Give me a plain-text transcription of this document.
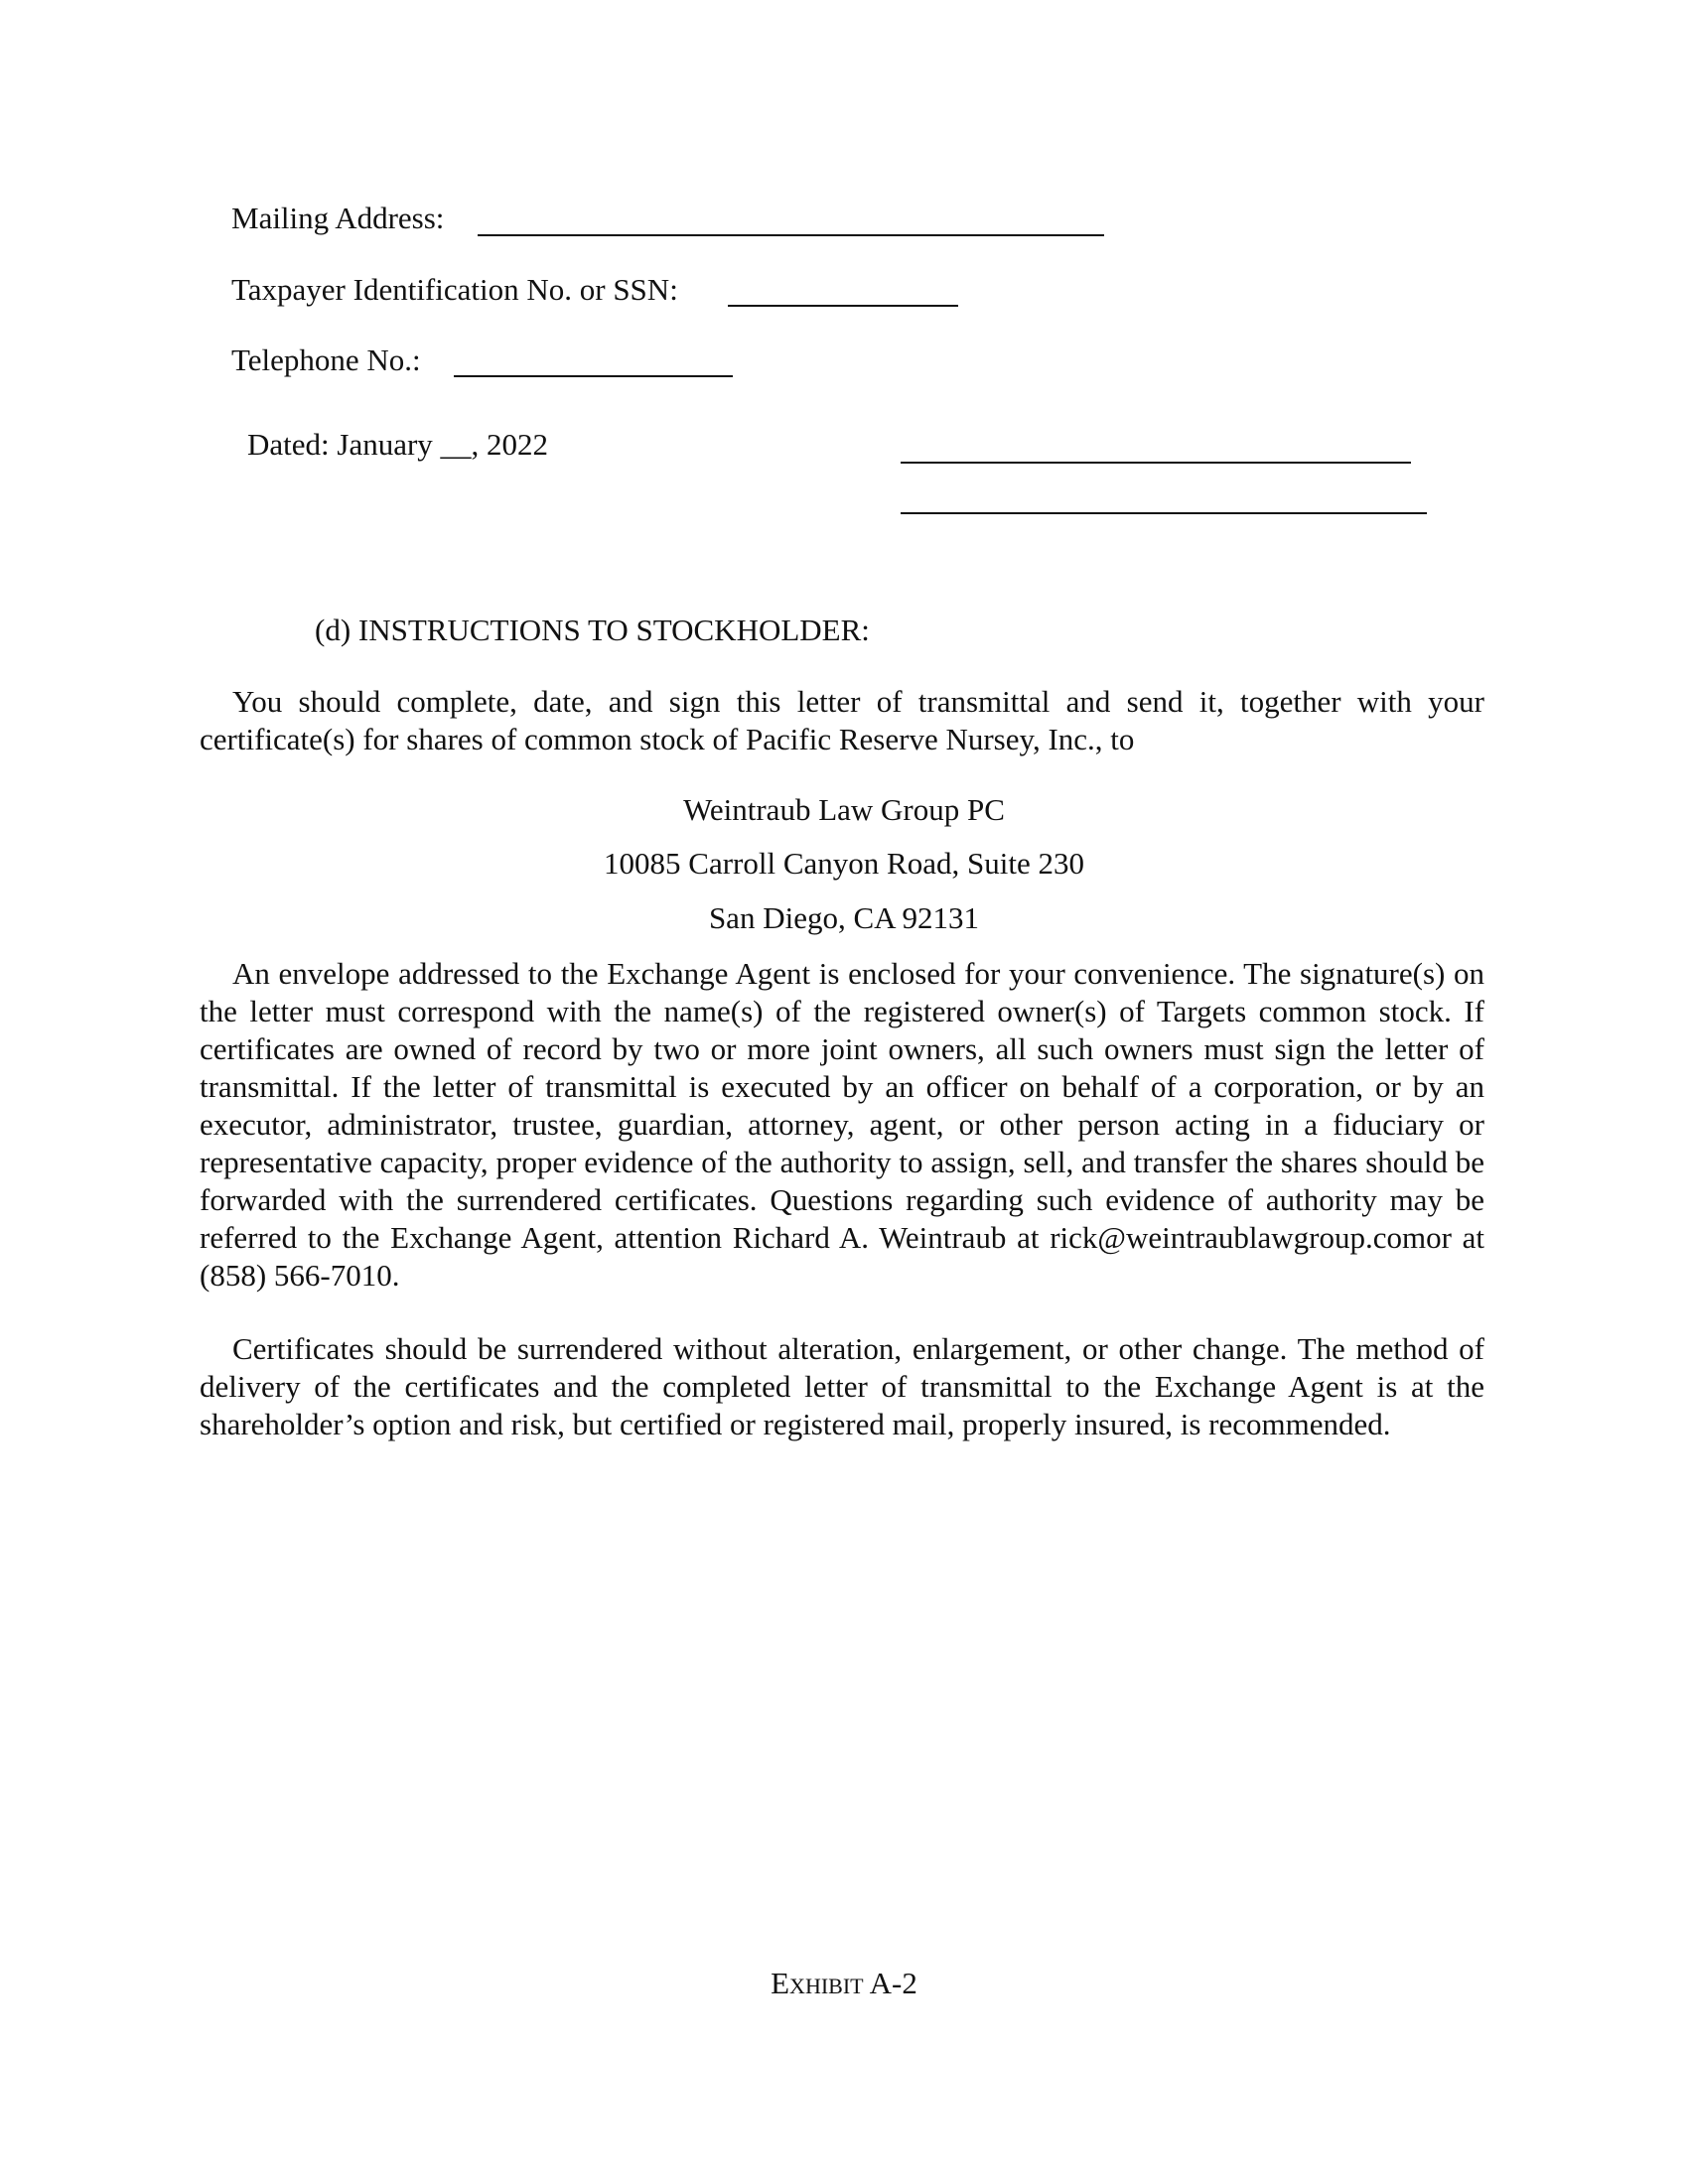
Mailing Address:
Taxpayer Identification No. or SSN:
Telephone No.:
Dated: January __, 2022
(d) INSTRUCTIONS TO STOCKHOLDER:
You should complete, date, and sign this letter of transmittal and send it, together with your certificate(s) for shares of common stock of Pacific Reserve Nursey, Inc., to
Weintraub Law Group PC
10085 Carroll Canyon Road, Suite 230
San Diego, CA 92131
An envelope addressed to the Exchange Agent is enclosed for your convenience. The signature(s) on the letter must correspond with the name(s) of the registered owner(s) of Targets common stock. If certificates are owned of record by two or more joint owners, all such owners must sign the letter of transmittal. If the letter of transmittal is executed by an officer on behalf of a corporation, or by an executor, administrator, trustee, guardian, attorney, agent, or other person acting in a fiduciary or representative capacity, proper evidence of the authority to assign, sell, and transfer the shares should be forwarded with the surrendered certificates. Questions regarding such evidence of authority may be referred to the Exchange Agent, attention Richard A. Weintraub at rick@weintraublawgroup.comor at (858) 566-7010.
Certificates should be surrendered without alteration, enlargement, or other change. The method of delivery of the certificates and the completed letter of transmittal to the Exchange Agent is at the shareholder’s option and risk, but certified or registered mail, properly insured, is recommended.
Exhibit A-2
